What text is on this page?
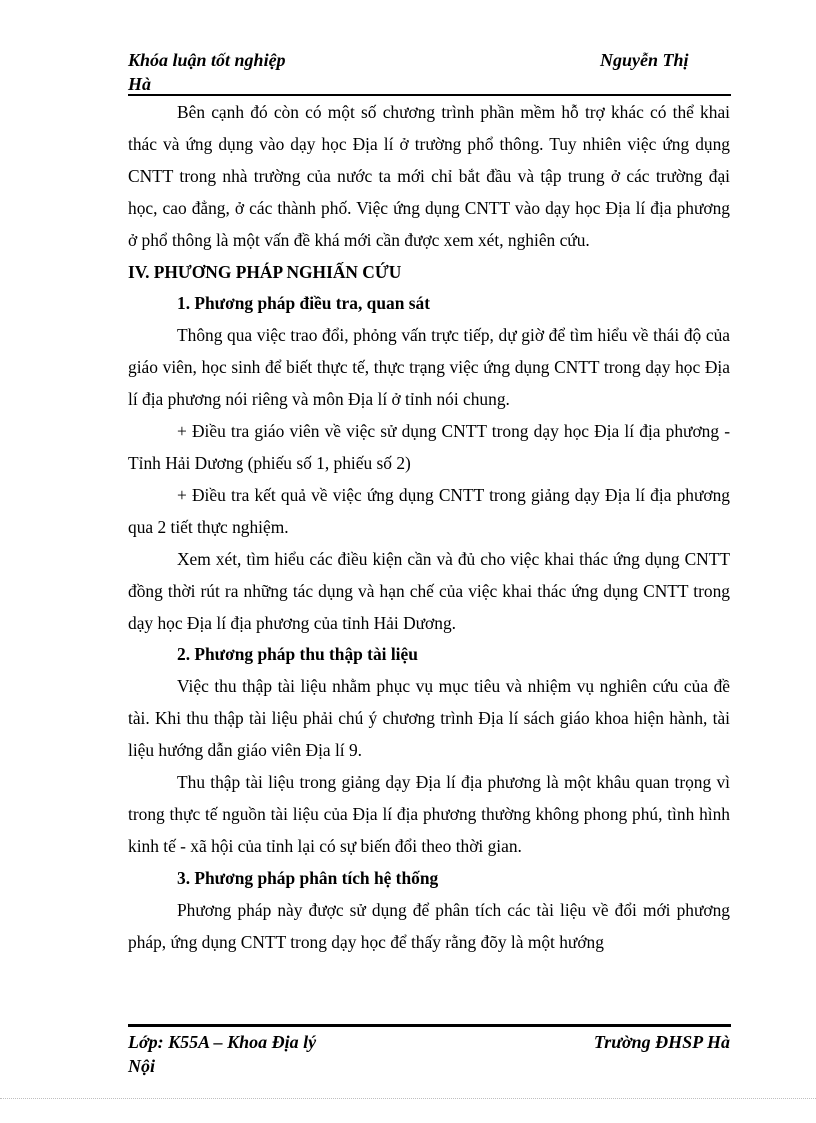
Khóa luận tốt nghiệp	Nguyễn Thị
Hà

Bên cạnh đó còn có một số chương trình phần mềm hỗ trợ khác có thể khai thác và ứng dụng vào dạy học Địa lí ở trường phổ thông. Tuy nhiên việc ứng dụng CNTT trong nhà trường của nước ta mới chỉ bắt đầu và tập trung ở các trường đại học, cao đẳng, ở các thành phố. Việc ứng dụng CNTT vào dạy học Địa lí địa phương ở phổ thông là một vấn đề khá mới cần được xem xét, nghiên cứu.

IV. PHƯƠNG PHÁP NGHIẤN CỨU

1. Phương pháp điều tra, quan sát

Thông qua việc trao đổi, phỏng vấn trực tiếp, dự giờ để tìm hiểu về thái độ của giáo viên, học sinh để biết thực tế, thực trạng việc ứng dụng CNTT trong dạy học Địa lí địa phương nói riêng và môn Địa lí ở tỉnh nói chung.

+ Điều tra giáo viên về việc sử dụng CNTT trong dạy học Địa lí địa phương - Tỉnh Hải Dương (phiếu số 1, phiếu số 2)

+ Điều tra kết quả về việc ứng dụng CNTT trong giảng dạy Địa lí địa phương qua 2 tiết thực nghiệm.

Xem xét, tìm hiểu các điều kiện cần và đủ cho việc khai thác ứng dụng CNTT đồng thời rút ra những tác dụng và hạn chế của việc khai thác ứng dụng CNTT trong dạy học Địa lí địa phương của tỉnh Hải Dương.

2. Phương pháp thu thập tài liệu

Việc thu thập tài liệu nhằm phục vụ mục tiêu và nhiệm vụ nghiên cứu của đề tài. Khi thu thập tài liệu phải chú ý chương trình Địa lí sách giáo khoa hiện hành, tài liệu hướng dẫn giáo viên Địa lí 9.

Thu thập tài liệu trong giảng dạy Địa lí địa phương là một khâu quan trọng vì trong thực tế nguồn tài liệu của Địa lí địa phương thường không phong phú, tình hình kinh tế - xã hội của tỉnh lại có sự biến đổi theo thời gian.

3. Phương pháp phân tích hệ thống

Phương pháp này được sử dụng để phân tích các tài liệu về đổi mới phương pháp, ứng dụng CNTT trong dạy học để thấy rằng đõy là một hướng

Lớp: K55A – Khoa Địa lý	Trường ĐHSP Hà
Nội
